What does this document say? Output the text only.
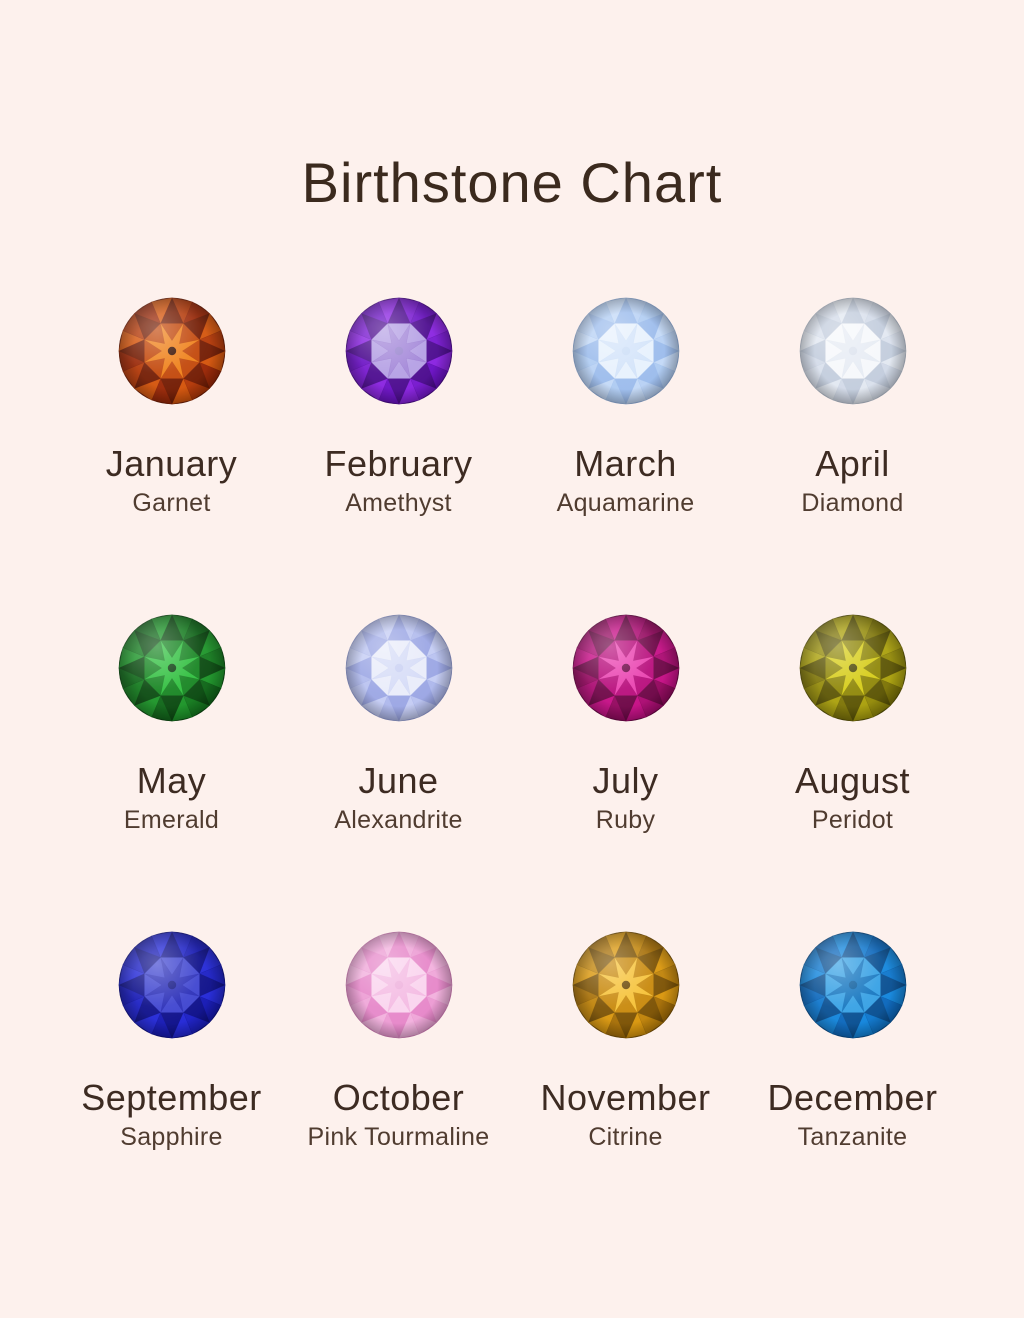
Birthstone Chart
January
Garnet
February
Amethyst
March
Aquamarine
April
Diamond
May
Emerald
June
Alexandrite
July
Ruby
August
Peridot
September
Sapphire
October
Pink Tourmaline
November
Citrine
December
Tanzanite
